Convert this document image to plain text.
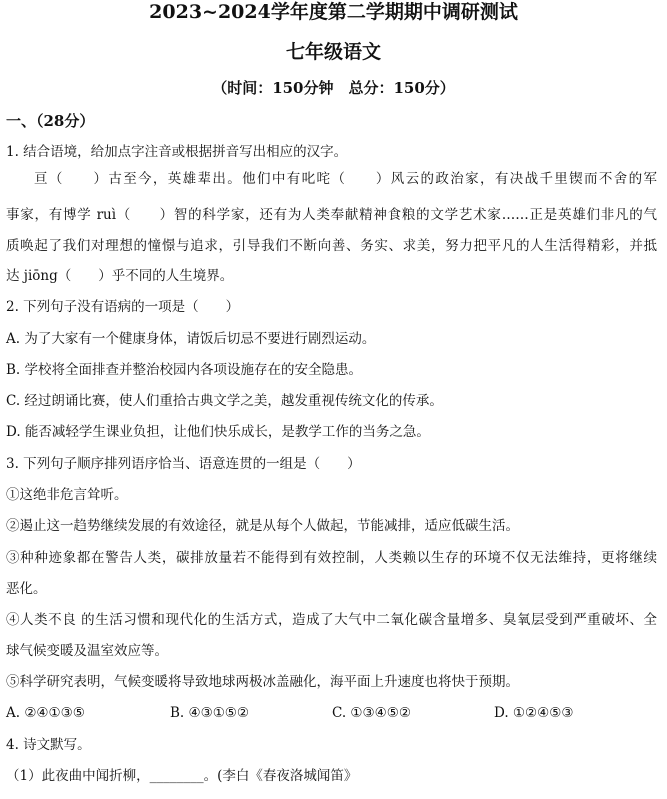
2023~2024学年度第二学期期中调研测试
七年级语文
（时间：150分钟　总分：150分）
一、（28分）
1. 结合语境，给加点字注音或根据拼音写出相应的汉字。
亘（　　）古至今，英雄辈出。他们中有叱咤（　　）风云的政治家，有决战千里锲而不舍的军
事家，有博学 ruì（　　）智的科学家，还有为人类奉献精神食粮的文学艺术家……正是英雄们非凡的气
质唤起了我们对理想的憧憬与追求，引导我们不断向善、务实、求美，努力把平凡的人生活得精彩，并抵
达 jiōng（　　）乎不同的人生境界。
2. 下列句子没有语病的一项是（　　）
A. 为了大家有一个健康身体，请饭后切忌不要进行剧烈运动。
B. 学校将全面排查并整治校园内各项设施存在的安全隐患。
C. 经过朗诵比赛，使人们重拾古典文学之美，越发重视传统文化的传承。
D. 能否减轻学生课业负担，让他们快乐成长，是教学工作的当务之急。
3. 下列句子顺序排列语序恰当、语意连贯的一组是（　　）
①这绝非危言耸听。
②遏止这一趋势继续发展的有效途径，就是从每个人做起，节能减排，适应低碳生活。
③种种迹象都在警告人类，碳排放量若不能得到有效控制，人类赖以生存的环境不仅无法维持，更将继续
恶化。
④人类不良 的生活习惯和现代化的生活方式，造成了大气中二氧化碳含量增多、臭氧层受到严重破坏、全
球气候变暖及温室效应等。
⑤科学研究表明，气候变暖将导致地球两极冰盖融化，海平面上升速度也将快于预期。
A. ②④①③⑤	B. ④③①⑤②	C. ①③④⑤②	D. ①②④⑤③
4. 诗文默写。
（1）此夜曲中闻折柳，________。(李白《春夜洛城闻笛》
